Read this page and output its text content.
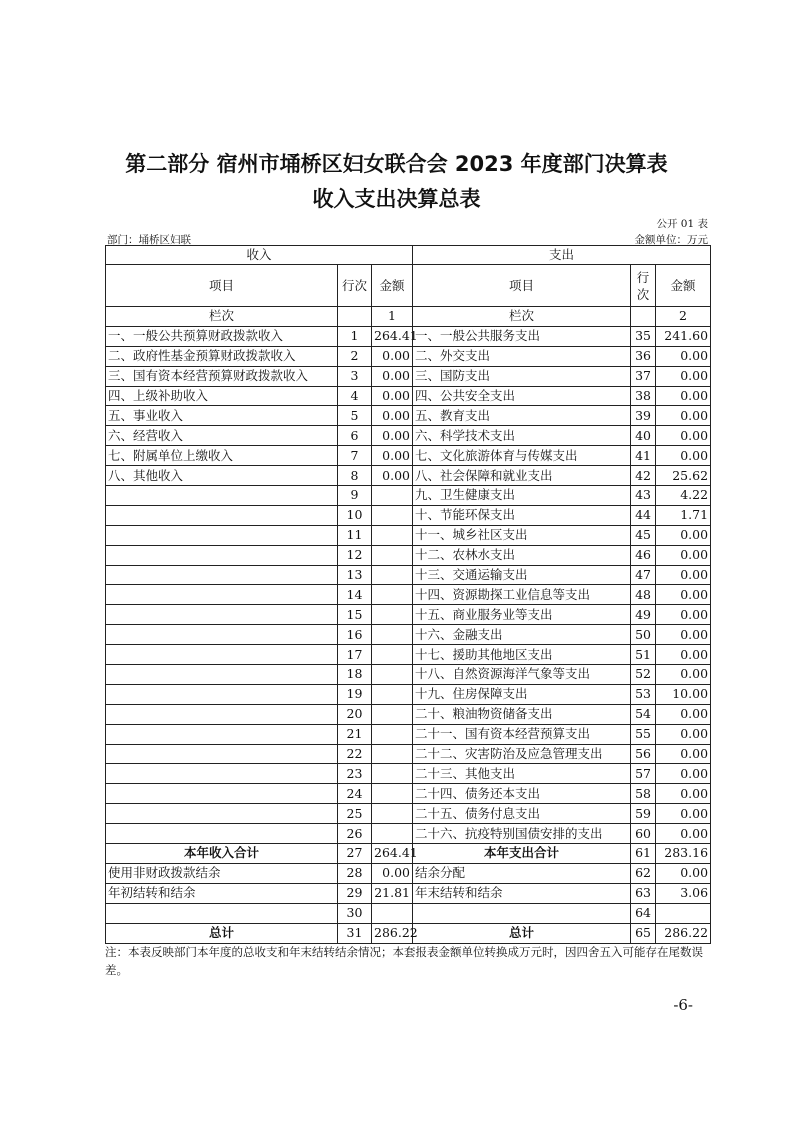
第二部分 宿州市埇桥区妇女联合会 2023 年度部门决算表
收入支出决算总表
公开 01 表
部门：埇桥区妇联	金额单位：万元
收入			支出		
项目	行次	金额	项目	行次	金额
栏次		1	栏次		2
一、一般公共预算财政拨款收入	1	264.41	一、一般公共服务支出	35	241.60
二、政府性基金预算财政拨款收入	2	0.00	二、外交支出	36	0.00
三、国有资本经营预算财政拨款收入	3	0.00	三、国防支出	37	0.00
四、上级补助收入	4	0.00	四、公共安全支出	38	0.00
五、事业收入	5	0.00	五、教育支出	39	0.00
六、经营收入	6	0.00	六、科学技术支出	40	0.00
七、附属单位上缴收入	7	0.00	七、文化旅游体育与传媒支出	41	0.00
八、其他收入	8	0.00	八、社会保障和就业支出	42	25.62
	9		九、卫生健康支出	43	4.22
	10		十、节能环保支出	44	1.71
	11		十一、城乡社区支出	45	0.00
	12		十二、农林水支出	46	0.00
	13		十三、交通运输支出	47	0.00
	14		十四、资源勘探工业信息等支出	48	0.00
	15		十五、商业服务业等支出	49	0.00
	16		十六、金融支出	50	0.00
	17		十七、援助其他地区支出	51	0.00
	18		十八、自然资源海洋气象等支出	52	0.00
	19		十九、住房保障支出	53	10.00
	20		二十、粮油物资储备支出	54	0.00
	21		二十一、国有资本经营预算支出	55	0.00
	22		二十二、灾害防治及应急管理支出	56	0.00
	23		二十三、其他支出	57	0.00
	24		二十四、债务还本支出	58	0.00
	25		二十五、债务付息支出	59	0.00
	26		二十六、抗疫特别国债安排的支出	60	0.00
本年收入合计	27	264.41	本年支出合计	61	283.16
使用非财政拨款结余	28	0.00	结余分配	62	0.00
年初结转和结余	29	21.81	年末结转和结余	63	3.06
	30			64	
总计	31	286.22	总计	65	286.22
注：本表反映部门本年度的总收支和年末结转结余情况；本套报表金额单位转换成万元时，因四舍五入可能存在尾数误差。
-6-
